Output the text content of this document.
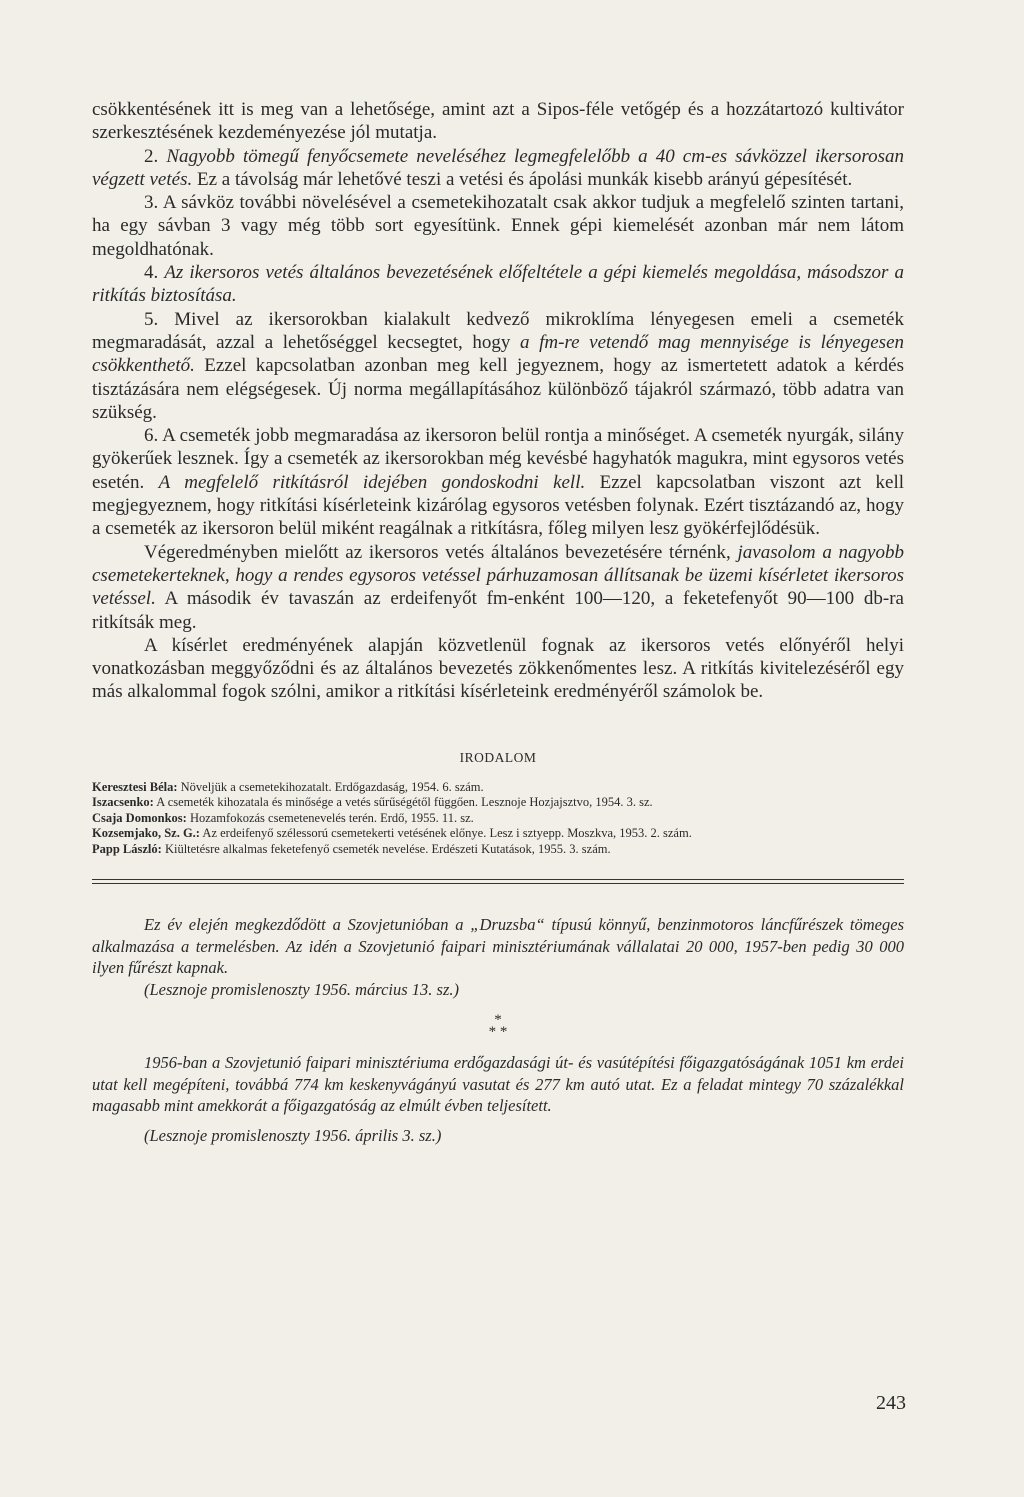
csökkentésének itt is meg van a lehetősége, amint azt a Sipos-féle vetőgép és a hozzátartozó kultivátor szerkesztésének kezdeményezése jól mutatja.

2. Nagyobb tömegű fenyőcsemete neveléséhez legmegfelelőbb a 40 cm-es sávközzel ikersorosan végzett vetés. Ez a távolság már lehetővé teszi a vetési és ápolási munkák kisebb arányú gépesítését.

3. A sávköz további növelésével a csemetekihozatalt csak akkor tudjuk a megfelelő szinten tartani, ha egy sávban 3 vagy még több sort egyesítünk. Ennek gépi kiemelését azonban már nem látom megoldhatónak.

4. Az ikersoros vetés általános bevezetésének előfeltétele a gépi kiemelés megoldása, másodszor a ritkítás biztosítása.

5. Mivel az ikersorokban kialakult kedvező mikroklíma lényegesen emeli a csemeték megmaradását, azzal a lehetőséggel kecsegtet, hogy a fm-re vetendő mag mennyisége is lényegesen csökkenthető. Ezzel kapcsolatban azonban meg kell jegyeznem, hogy az ismertetett adatok a kérdés tisztázására nem elégségesek. Új norma megállapításához különböző tájakról származó, több adatra van szükség.

6. A csemeték jobb megmaradása az ikersoron belül rontja a minőséget. A csemeték nyurgák, silány gyökerűek lesznek. Így a csemeték az ikersorokban még kevésbé hagyhatók magukra, mint egysoros vetés esetén. A megfelelő ritkításról idejében gondoskodni kell. Ezzel kapcsolatban viszont azt kell megjegyeznem, hogy ritkítási kísérleteink kizárólag egysoros vetésben folynak. Ezért tisztázandó az, hogy a csemeték az ikersoron belül miként reagálnak a ritkításra, főleg milyen lesz gyökérfejlődésük.

Végeredményben mielőtt az ikersoros vetés általános bevezetésére térnénk, javasolom a nagyobb csemetekerteknek, hogy a rendes egysoros vetéssel párhuzamosan állítsanak be üzemi kísérletet ikersoros vetéssel. A második év tavaszán az erdeifenyőt fm-enként 100—120, a feketefenyőt 90—100 db-ra ritkítsák meg.

A kísérlet eredményének alapján közvetlenül fognak az ikersoros vetés előnyéről helyi vonatkozásban meggyőződni és az általános bevezetés zökkenőmentes lesz. A ritkítás kivitelezéséről egy más alkalommal fogok szólni, amikor a ritkítási kísérleteink eredményéről számolok be.

IRODALOM

Keresztesi Béla: Növeljük a csemetekihozatalt. Erdőgazdaság, 1954. 6. szám.

Iszacsenko: A csemeték kihozatala és minősége a vetés sűrűségétől függően. Lesznoje Hozjajsztvo, 1954. 3. sz.

Csaja Domonkos: Hozamfokozás csemetenevelés terén. Erdő, 1955. 11. sz.

Kozsemjako, Sz. G.: Az erdeifenyő szélessorú csemetekerti vetésének előnye. Lesz i sztyepp. Moszkva, 1953. 2. szám.

Papp László: Kiültetésre alkalmas feketefenyő csemeték nevelése. Erdészeti Kutatások, 1955. 3. szám.

Ez év elején megkezdődött a Szovjetunióban a „Druzsba“ típusú könnyű, benzinmotoros láncfűrészek tömeges alkalmazása a termelésben. Az idén a Szovjetunió faipari minisztériumának vállalatai 20 000, 1957-ben pedig 30 000 ilyen fűrészt kapnak.

(Lesznoje promislenoszty 1956. március 13. sz.)

*
* *

1956-ban a Szovjetunió faipari minisztériuma erdőgazdasági út- és vasútépítési főigazgatóságának 1051 km erdei utat kell megépíteni, továbbá 774 km keskenyvágányú vasutat és 277 km autó utat. Ez a feladat mintegy 70 százalékkal magasabb mint amekkorát a főigazgatóság az elmúlt évben teljesített.

(Lesznoje promislenoszty 1956. április 3. sz.)

243
